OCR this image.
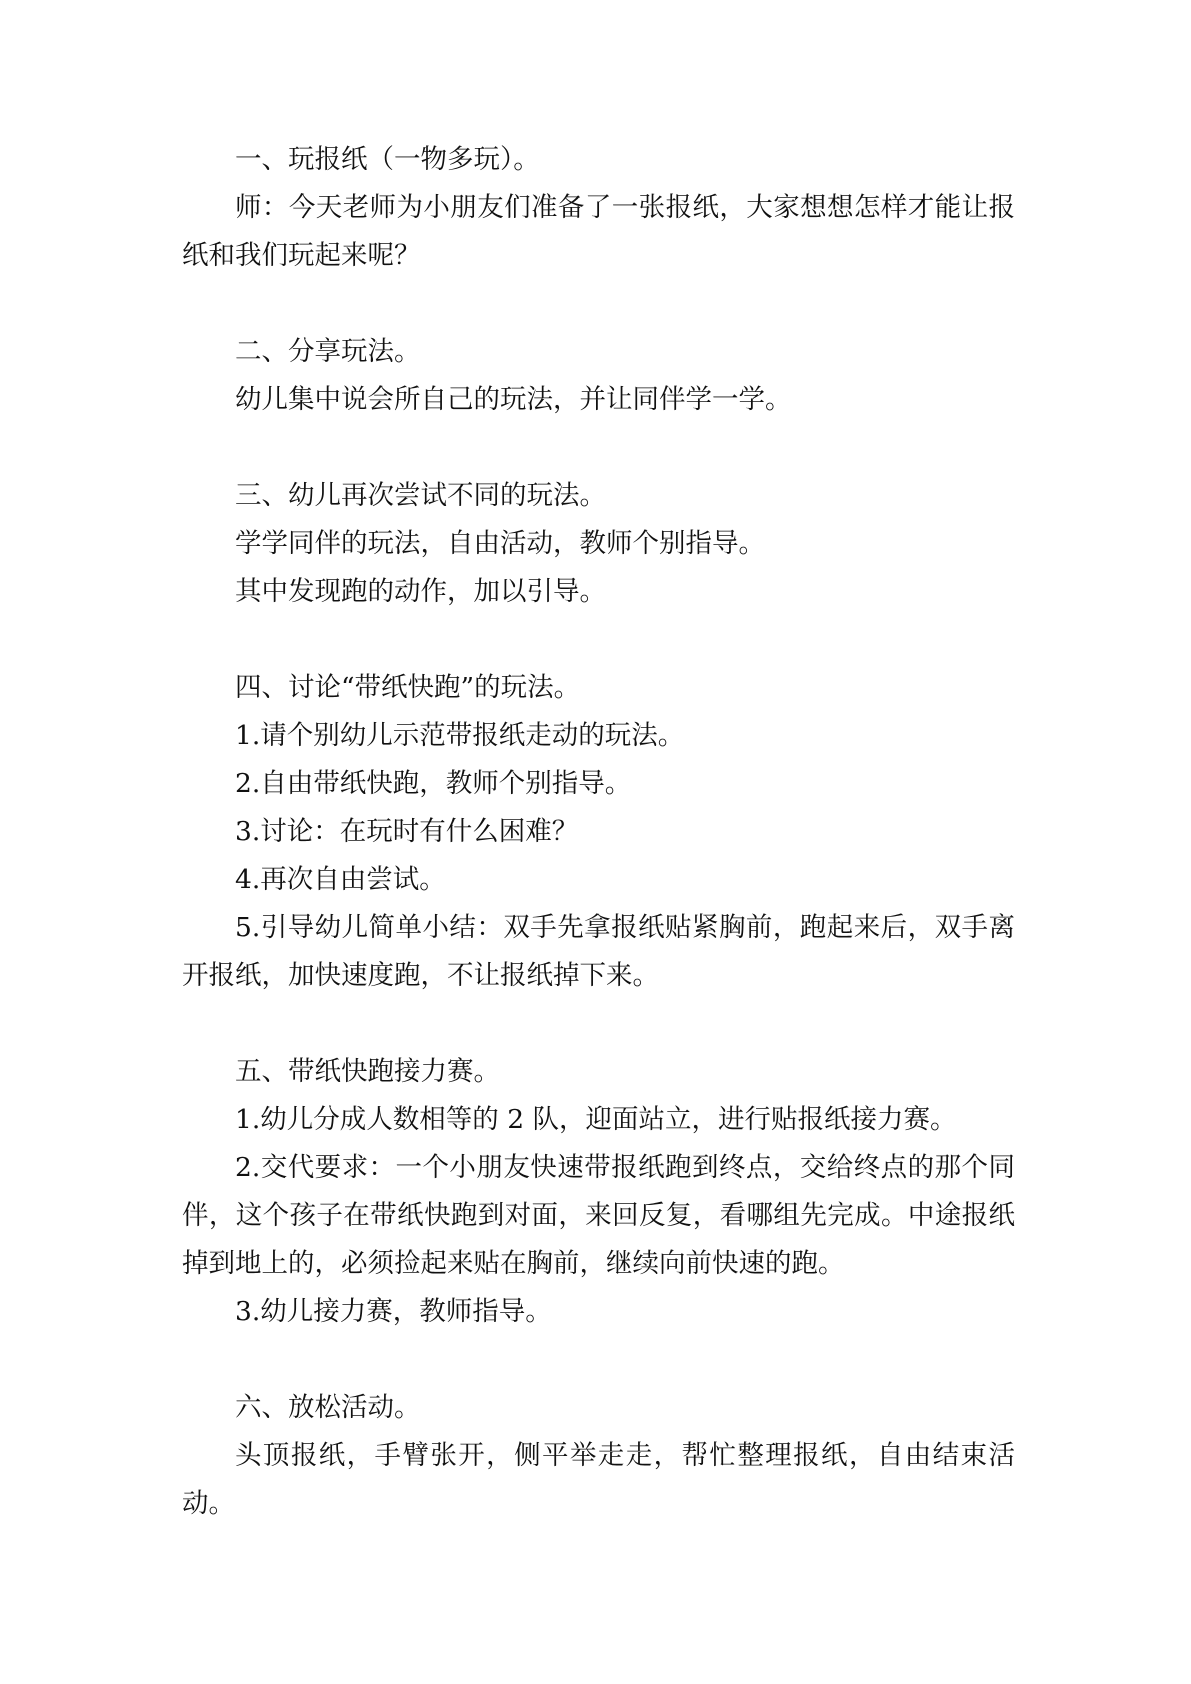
一、玩报纸（一物多玩）。

师：今天老师为小朋友们准备了一张报纸，大家想想怎样才能让报纸和我们玩起来呢？

二、分享玩法。

幼儿集中说会所自己的玩法，并让同伴学一学。

三、幼儿再次尝试不同的玩法。

学学同伴的玩法，自由活动，教师个别指导。

其中发现跑的动作，加以引导。

四、讨论“带纸快跑”的玩法。

1.请个别幼儿示范带报纸走动的玩法。

2.自由带纸快跑，教师个别指导。

3.讨论：在玩时有什么困难？

4.再次自由尝试。

5.引导幼儿简单小结：双手先拿报纸贴紧胸前，跑起来后，双手离开报纸，加快速度跑，不让报纸掉下来。

五、带纸快跑接力赛。

1.幼儿分成人数相等的 2 队，迎面站立，进行贴报纸接力赛。

2.交代要求：一个小朋友快速带报纸跑到终点，交给终点的那个同伴，这个孩子在带纸快跑到对面，来回反复，看哪组先完成。中途报纸掉到地上的，必须捡起来贴在胸前，继续向前快速的跑。

3.幼儿接力赛，教师指导。

六、放松活动。

头顶报纸，手臂张开，侧平举走走，帮忙整理报纸，自由结束活动。
